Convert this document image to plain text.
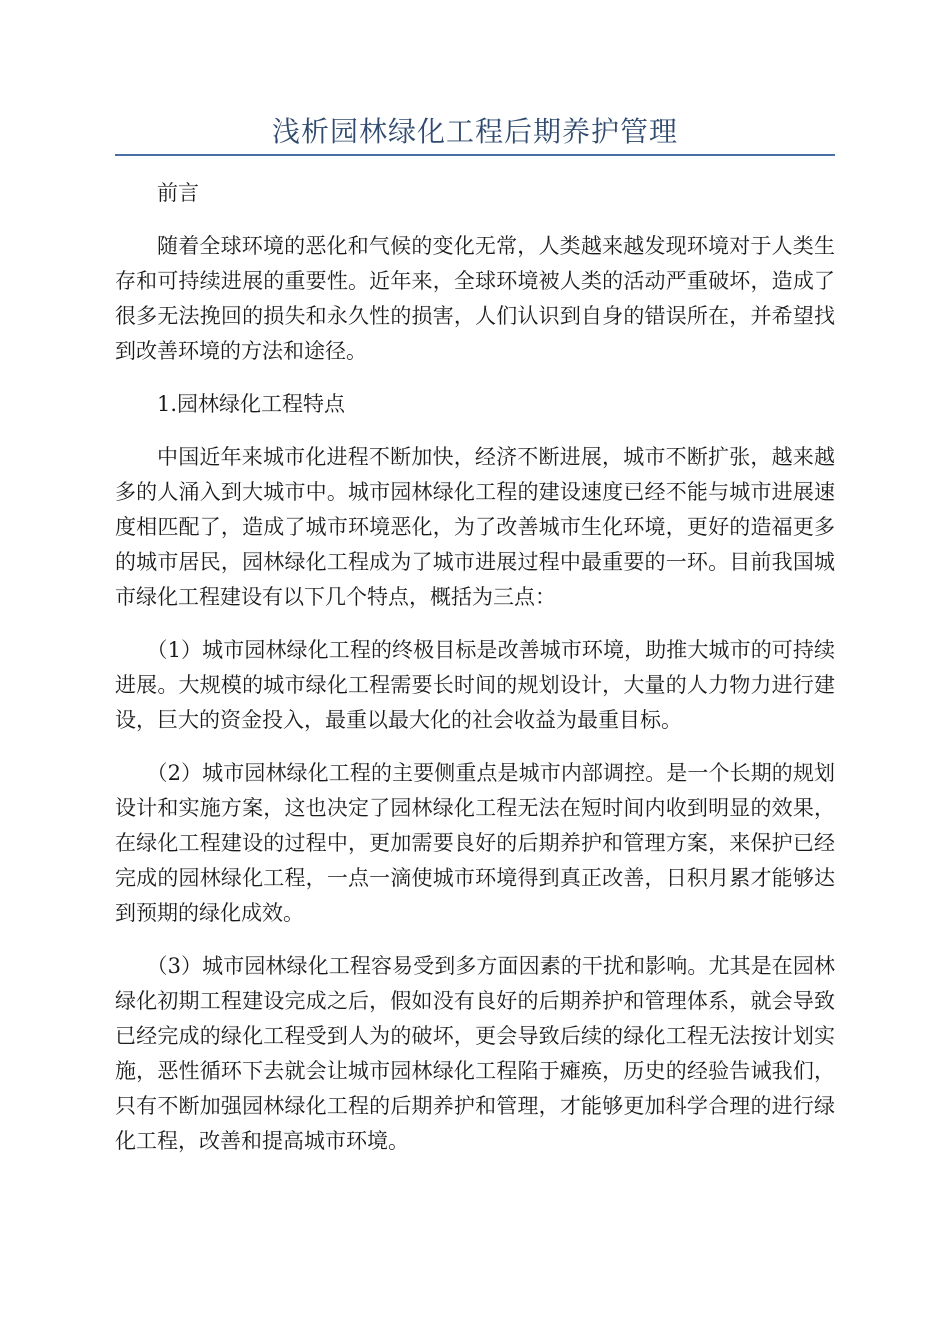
浅析园林绿化工程后期养护管理

前言

随着全球环境的恶化和气候的变化无常，人类越来越发现环境对于人类生存和可持续进展的重要性。近年来，全球环境被人类的活动严重破坏，造成了很多无法挽回的损失和永久性的损害，人们认识到自身的错误所在，并希望找到改善环境的方法和途径。

1.园林绿化工程特点

中国近年来城市化进程不断加快，经济不断进展，城市不断扩张，越来越多的人涌入到大城市中。城市园林绿化工程的建设速度已经不能与城市进展速度相匹配了，造成了城市环境恶化，为了改善城市生化环境，更好的造福更多的城市居民，园林绿化工程成为了城市进展过程中最重要的一环。目前我国城市绿化工程建设有以下几个特点，概括为三点：

（1）城市园林绿化工程的终极目标是改善城市环境，助推大城市的可持续进展。大规模的城市绿化工程需要长时间的规划设计，大量的人力物力进行建设，巨大的资金投入，最重以最大化的社会收益为最重目标。

（2）城市园林绿化工程的主要侧重点是城市内部调控。是一个长期的规划设计和实施方案，这也决定了园林绿化工程无法在短时间内收到明显的效果，在绿化工程建设的过程中，更加需要良好的后期养护和管理方案，来保护已经完成的园林绿化工程，一点一滴使城市环境得到真正改善，日积月累才能够达到预期的绿化成效。

（3）城市园林绿化工程容易受到多方面因素的干扰和影响。尤其是在园林绿化初期工程建设完成之后，假如没有良好的后期养护和管理体系，就会导致已经完成的绿化工程受到人为的破坏，更会导致后续的绿化工程无法按计划实施，恶性循环下去就会让城市园林绿化工程陷于瘫痪，历史的经验告诫我们，只有不断加强园林绿化工程的后期养护和管理，才能够更加科学合理的进行绿化工程，改善和提高城市环境。
